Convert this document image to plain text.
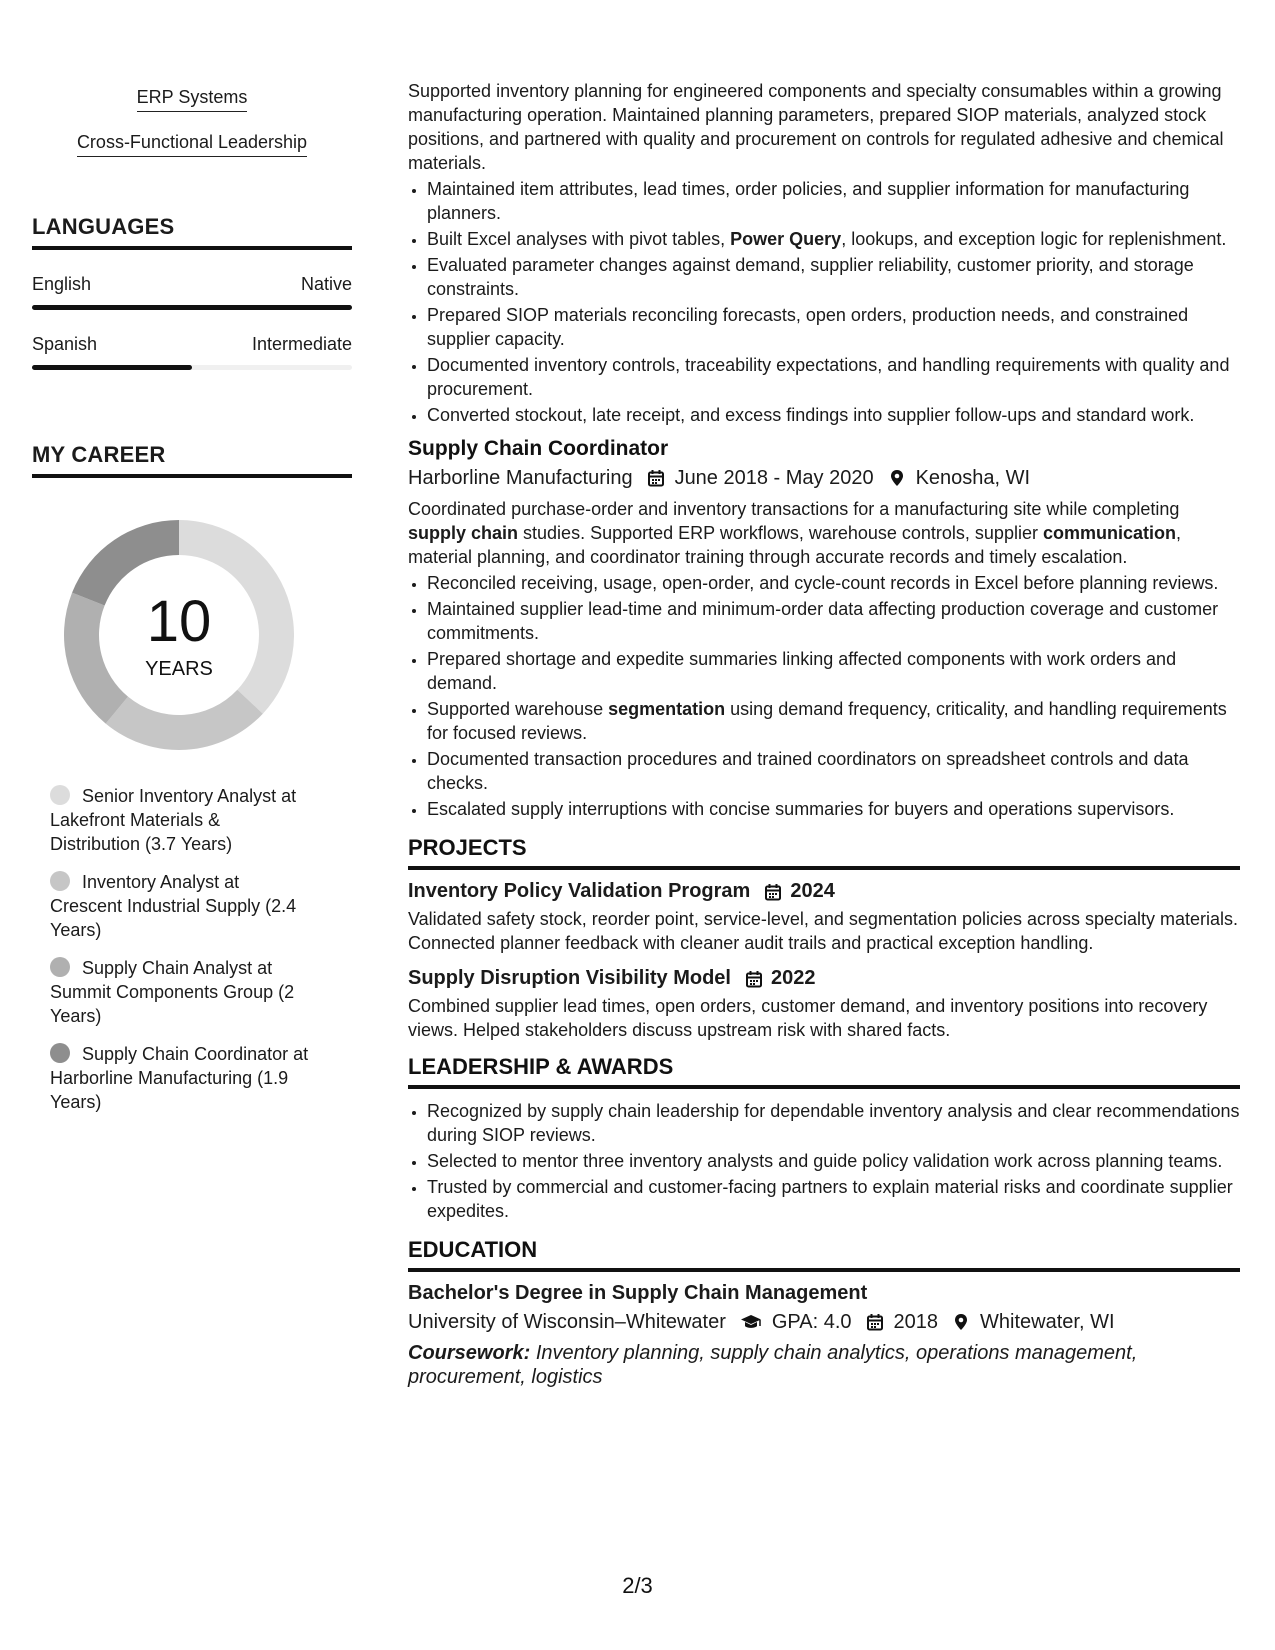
ERP Systems
Cross-Functional Leadership
LANGUAGES
English	Native
Spanish	Intermediate
MY CAREER
10
YEARS
Senior Inventory Analyst at Lakefront Materials & Distribution (3.7 Years)
Inventory Analyst at Crescent Industrial Supply (2.4 Years)
Supply Chain Analyst at Summit Components Group (2 Years)
Supply Chain Coordinator at Harborline Manufacturing (1.9 Years)

Supported inventory planning for engineered components and specialty consumables within a growing manufacturing operation. Maintained planning parameters, prepared SIOP materials, analyzed stock positions, and partnered with quality and procurement on controls for regulated adhesive and chemical materials.

• Maintained item attributes, lead times, order policies, and supplier information for manufacturing planners.
• Built Excel analyses with pivot tables, Power Query, lookups, and exception logic for replenishment.
• Evaluated parameter changes against demand, supplier reliability, customer priority, and storage constraints.
• Prepared SIOP materials reconciling forecasts, open orders, production needs, and constrained supplier capacity.
• Documented inventory controls, traceability expectations, and handling requirements with quality and procurement.
• Converted stockout, late receipt, and excess findings into supplier follow-ups and standard work.
Supply Chain Coordinator
Harborline Manufacturing June 2018 - May 2020 Kenosha, WI

Coordinated purchase-order and inventory transactions for a manufacturing site while completing supply chain studies. Supported ERP workflows, warehouse controls, supplier communication, material planning, and coordinator training through accurate records and timely escalation.

• Reconciled receiving, usage, open-order, and cycle-count records in Excel before planning reviews.
• Maintained supplier lead-time and minimum-order data affecting production coverage and customer commitments.
• Prepared shortage and expedite summaries linking affected components with work orders and demand.
• Supported warehouse segmentation using demand frequency, criticality, and handling requirements for focused reviews.
• Documented transaction procedures and trained coordinators on spreadsheet controls and data checks.
• Escalated supply interruptions with concise summaries for buyers and operations supervisors.
PROJECTS
Inventory Policy Validation Program 2024

Validated safety stock, reorder point, service-level, and segmentation policies across specialty materials. Connected planner feedback with cleaner audit trails and practical exception handling.

Supply Disruption Visibility Model 2022

Combined supplier lead times, open orders, customer demand, and inventory positions into recovery views. Helped stakeholders discuss upstream risk with shared facts.

LEADERSHIP & AWARDS
• Recognized by supply chain leadership for dependable inventory analysis and clear recommendations during SIOP reviews.
• Selected to mentor three inventory analysts and guide policy validation work across planning teams.
• Trusted by commercial and customer-facing partners to explain material risks and coordinate supplier expedites.
EDUCATION
Bachelor's Degree in Supply Chain Management
University of Wisconsin–Whitewater GPA: 4.0 2018 Whitewater, WI
Coursework: Inventory planning, supply chain analytics, operations management, procurement, logistics
2/3
